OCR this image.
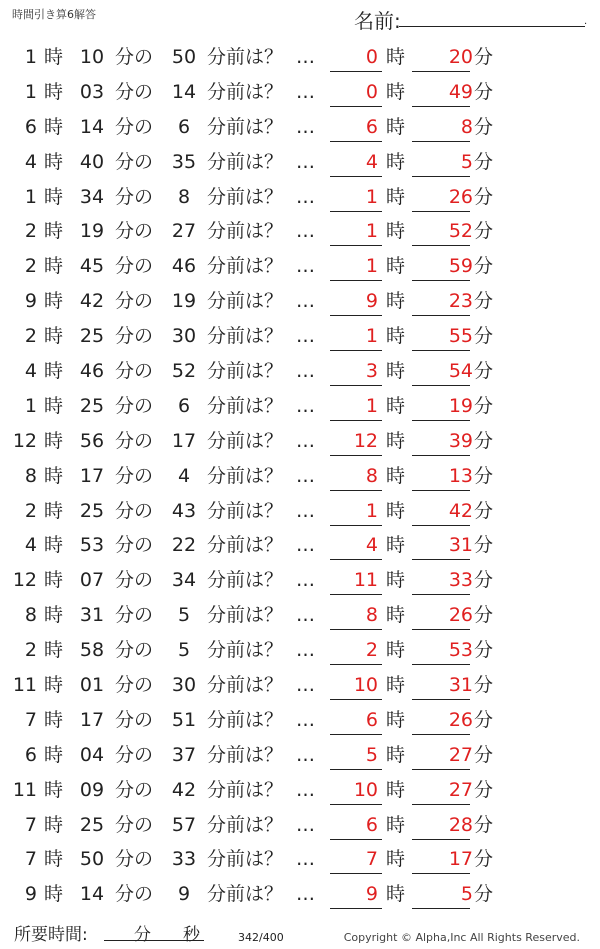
時間引き算6解答	名前:	.
1 時 10 分の 50 分前は？ …	0 時 20 分
1 時 03 分の 14 分前は？ …	0 時 49 分
6 時 14 分の	6 分前は？ …	6 時	8 分
4 時 40 分の 35 分前は？ …	4 時	5 分
1 時 34 分の	8 分前は？ …	1 時 26 分
2 時 19 分の 27 分前は？ …	1 時 52 分
2 時 45 分の 46 分前は？ …	1 時 59 分
9 時 42 分の 19 分前は？ …	9 時 23 分
2 時 25 分の 30 分前は？ …	1 時 55 分
4 時 46 分の 52 分前は？ …	3 時 54 分
1 時 25 分の	6 分前は？ …	1 時 19 分
12 時 56 分の 17 分前は？ … 12 時 39 分
8 時 17 分の	4 分前は？ …	8 時 13 分
2 時 25 分の 43 分前は？ …	1 時 42 分
4 時 53 分の 22 分前は？ …	4 時 31 分
12 時 07 分の 34 分前は？ … 11 時 33 分
8 時 31 分の	5 分前は？ …	8 時 26 分
2 時 58 分の	5 分前は？ …	2 時 53 分
11 時 01 分の 30 分前は？ … 10 時 31 分
7 時 17 分の 51 分前は？ …	6 時 26 分
6 時 04 分の 37 分前は？ …	5 時 27 分
11 時 09 分の 42 分前は？ … 10 時 27 分
7 時 25 分の 57 分前は？ …	6 時 28 分
7 時 50 分の 33 分前は？ …	7 時 17 分
9 時 14 分の	9 分前は？ …	9 時	5 分
所要時間:	分 秒	342/400	Copyright © Alpha,Inc All Rights Reserved.
